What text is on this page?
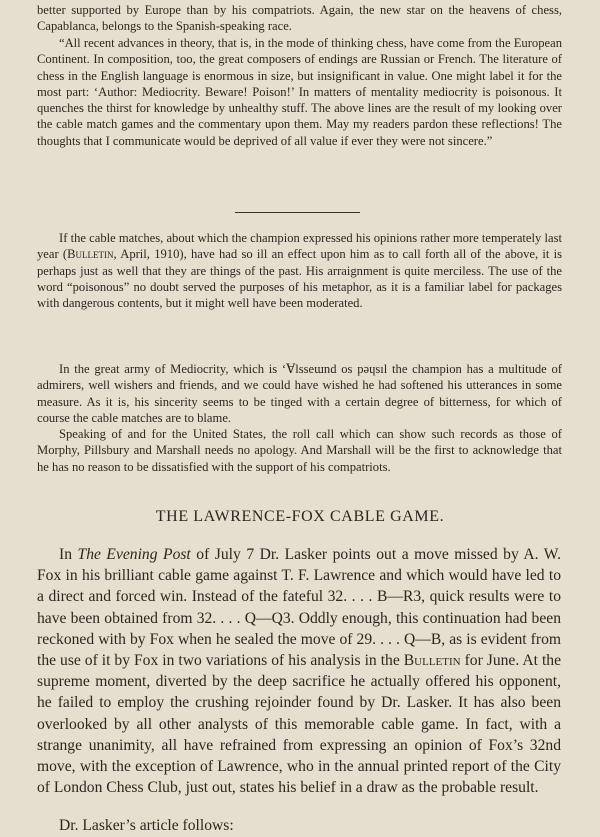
better supported by Europe than by his compatriots. Again, the new star on the heavens of chess, Capablanca, belongs to the Spanish-speaking race.

“All recent advances in theory, that is, in the mode of thinking chess, have come from the European Continent. In composition, too, the great composers of endings are Russian or French. The literature of chess in the English language is enormous in size, but insignificant in value. One might label it for the most part: ‘Author: Mediocrity. Beware! Poison!’ In matters of mentality mediocrity is poisonous. It quenches the thirst for knowledge by unhealthy stuff. The above lines are the result of my looking over the cable match games and the commentary upon them. May my readers pardon these reflections! The thoughts that I communicate would be deprived of all value if ever they were not sincere.”

If the cable matches, about which the champion expressed his opinions rather more temperately last year (Bulletin, April, 1910), have had so ill an effect upon him as to call forth all of the above, it is perhaps just as well that they are things of the past. His arraignment is quite merciless. The use of the word “poisonous” no doubt served the purposes of his metaphor, as it is a familiar label for packages with dangerous contents, but it might well have been moderated.

In the great army of Mediocrity, which is ‘Ɐlsseɯnd os pəɥsıl the champion has a multitude of admirers, well wishers and friends, and we could have wished he had softened his utterances in some measure. As it is, his sincerity seems to be tinged with a certain degree of bitterness, for which of course the cable matches are to blame.

Speaking of and for the United States, the roll call which can show such records as those of Morphy, Pillsbury and Marshall needs no apology. And Marshall will be the first to acknowledge that he has no reason to be dissatisfied with the support of his compatriots.

THE LAWRENCE-FOX CABLE GAME.

In The Evening Post of July 7 Dr. Lasker points out a move missed by A. W. Fox in his brilliant cable game against T. F. Lawrence and which would have led to a direct and forced win. Instead of the fateful 32. . . . B—R3, quick results were to have been obtained from 32. . . . Q—Q3. Oddly enough, this continuation had been reckoned with by Fox when he sealed the move of 29. . . . Q—B, as is evident from the use of it by Fox in two variations of his analysis in the Bulletin for June. At the supreme moment, diverted by the deep sacrifice he actually offered his opponent, he failed to employ the crushing rejoinder found by Dr. Lasker. It has also been overlooked by all other analysts of this memorable cable game. In fact, with a strange unanimity, all have refrained from expressing an opinion of Fox’s 32nd move, with the exception of Lawrence, who in the annual printed report of the City of London Chess Club, just out, states his belief in a draw as the probable result.

Dr. Lasker’s article follows:
